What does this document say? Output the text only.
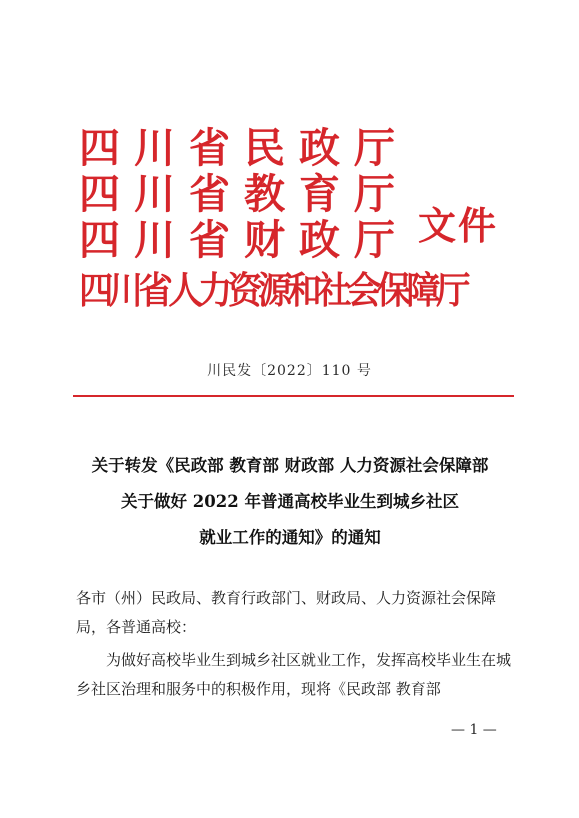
四川省民政厅
四川省教育厅
四川省财政厅
四川省人力资源和社会保障厅
文件
川民发〔2022〕110 号
关于转发《民政部 教育部 财政部 人力资源社会保障部
关于做好 2022 年普通高校毕业生到城乡社区
就业工作的通知》的通知

各市（州）民政局、教育行政部门、财政局、人力资源社会保障局，各普通高校：

为做好高校毕业生到城乡社区就业工作，发挥高校毕业生在城乡社区治理和服务中的积极作用，现将《民政部 教育部

— 1 —
